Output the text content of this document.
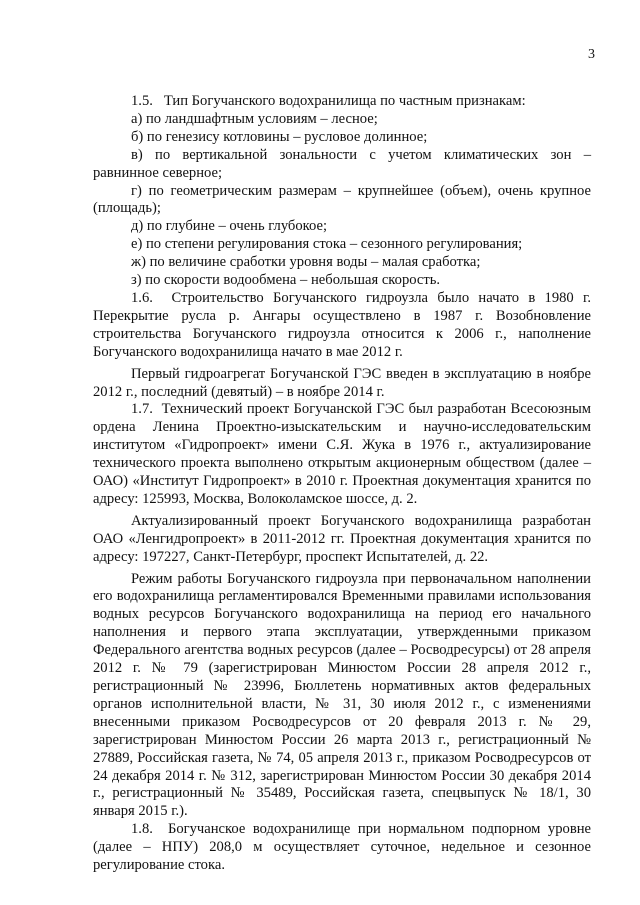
3

1.5.   Тип Богучанского водохранилища по частным признакам:

а) по ландшафтным условиям – лесное;

б) по генезису котловины – русловое долинное;

в) по вертикальной зональности с учетом климатических зон – равнинное северное;

г) по геометрическим размерам – крупнейшее (объем), очень крупное (площадь);

д) по глубине – очень глубокое;

е) по степени регулирования стока – сезонного регулирования;

ж) по величине сработки уровня воды – малая сработка;

з) по скорости водообмена – небольшая скорость.

1.6.  Строительство Богучанского гидроузла было начато в 1980 г. Перекрытие русла р. Ангары осуществлено в 1987 г. Возобновление строительства Богучанского гидроузла относится к 2006 г., наполнение Богучанского водохранилища начато в мае 2012 г.

Первый гидроагрегат Богучанской ГЭС введен в эксплуатацию в ноябре 2012 г., последний (девятый) – в ноябре 2014 г.

1.7.  Технический проект Богучанской ГЭС был разработан Всесоюзным ордена Ленина Проектно-изыскательским и научно-исследовательским институтом «Гидропроект» имени С.Я. Жука в 1976 г., актуализирование технического проекта выполнено открытым акционерным обществом (далее – ОАО) «Институт Гидропроект» в 2010 г. Проектная документация хранится по адресу: 125993, Москва, Волоколамское шоссе, д. 2.

Актуализированный проект Богучанского водохранилища разработан ОАО «Ленгидропроект» в 2011-2012 гг. Проектная документация хранится по адресу: 197227, Санкт-Петербург, проспект Испытателей, д. 22.

Режим работы Богучанского гидроузла при первоначальном наполнении его водохранилища регламентировался Временными правилами использования водных ресурсов Богучанского водохранилища на период его начального наполнения и первого этапа эксплуатации, утвержденными приказом Федерального агентства водных ресурсов (далее – Росводресурсы) от 28 апреля 2012 г. № 79 (зарегистрирован Минюстом России 28 апреля 2012 г., регистрационный № 23996, Бюллетень нормативных актов федеральных органов исполнительной власти, № 31, 30 июля 2012 г., с изменениями внесенными приказом Росводресурсов от 20 февраля 2013 г. № 29, зарегистрирован Минюстом России 26 марта 2013 г., регистрационный № 27889, Российская газета, № 74, 05 апреля 2013 г., приказом Росводресурсов от 24 декабря 2014 г. № 312, зарегистрирован Минюстом России 30 декабря 2014 г., регистрационный № 35489, Российская газета, спецвыпуск № 18/1, 30 января 2015 г.).

1.8.  Богучанское водохранилище при нормальном подпорном уровне (далее – НПУ) 208,0 м осуществляет суточное, недельное и сезонное регулирование стока.
